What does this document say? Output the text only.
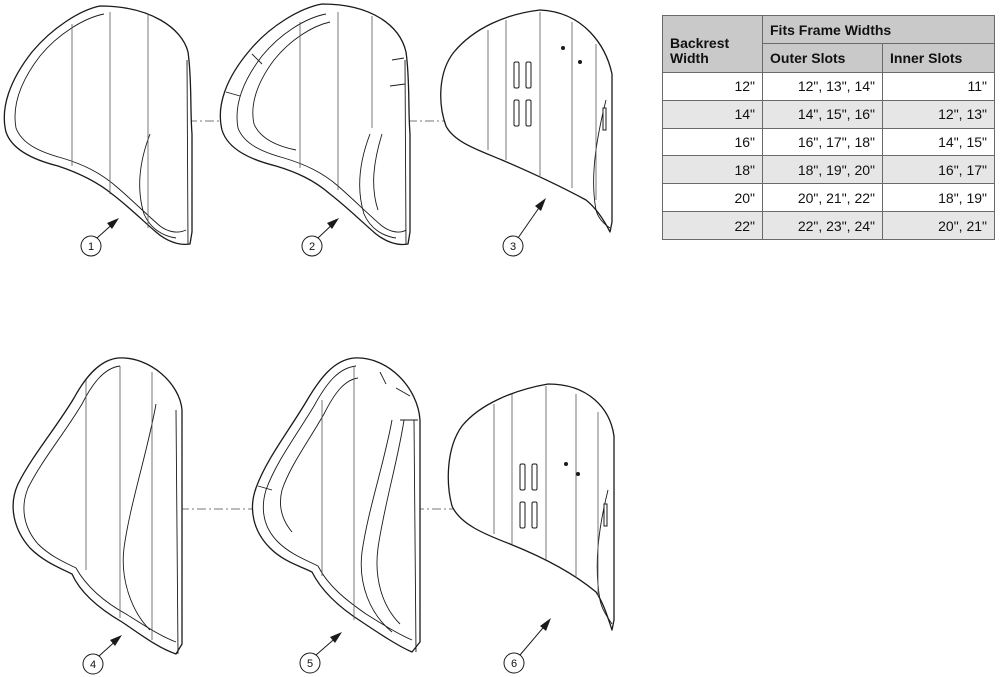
1	2	3
4	5	6
Backrest Width	Fits Frame Widths	
	Outer Slots	Inner Slots
12"	12", 13", 14"	11"
14"	14", 15", 16"	12", 13"
16"	16", 17", 18"	14", 15"
18"	18", 19", 20"	16", 17"
20"	20", 21", 22"	18", 19"
22"	22", 23", 24"	20", 21"
